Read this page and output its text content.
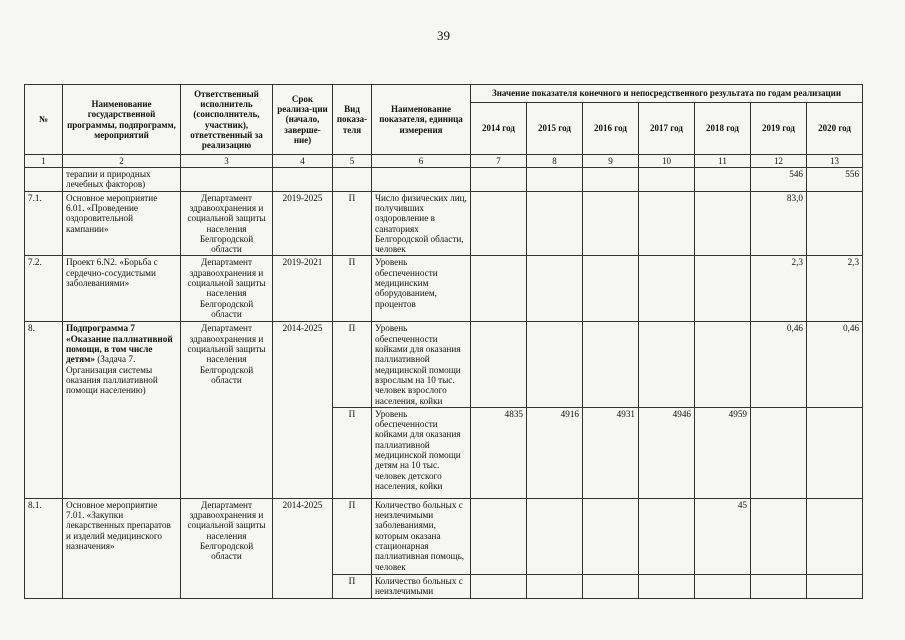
39
№	Наименование государственной программы, подпрограмм, мероприятий	Ответственный исполнитель (соисполнитель, участник), ответственный за реализацию	Срок реализа-ции (начало, заверше-ние)	Вид показа-теля	Наименование показателя, единица измерения	Значение показателя конечного и непосредственного результата по годам реализации						
						2014 год	2015 год	2016 год	2017 год	2018 год	2019 год	2020 год
1	2	3	4	5	6	7	8	9	10	11	12	13
	терапии и природных лечебных факторов)										546	556
7.1.	Основное мероприятие 6.01. «Проведение оздоровительной кампании»	Департамент здравоохранения и социальной защиты населения Белгородской области	2019-2025	П	Число физических лиц, получивших оздоровление в санаториях Белгородской области, человек						83,0	
7.2.	Проект 6.N2. «Борьба с сердечно-сосудистыми заболеваниями»	Департамент здравоохранения и социальной защиты населения Белгородской области	2019-2021	П	Уровень обеспеченности медицинским оборудованием, процентов						2,3	2,3
8.	Подпрограмма 7 «Оказание паллиативной помощи, в том числе детям» (Задача 7. Организация системы оказания паллиативной помощи населению)	Департамент здравоохранения и социальной защиты населения Белгородской области	2014-2025	П	Уровень обеспеченности койками для оказания паллиативной медицинской помощи взрослым на 10 тыс. человек взрослого населения, койки						0,46	0,46
				П	Уровень обеспеченности койками для оказания паллиативной медицинской помощи детям на 10 тыс. человек детского населения, койки	4835	4916	4931	4946	4959		
8.1.	Основное мероприятие 7.01. «Закупки лекарственных препаратов и изделий медицинского назначения»	Департамент здравоохранения и социальной защиты населения Белгородской области	2014-2025	П	Количество больных с неизлечимыми заболеваниями, которым оказана стационарная паллиативная помощь, человек					45		
				П	Количество больных с неизлечимыми							
